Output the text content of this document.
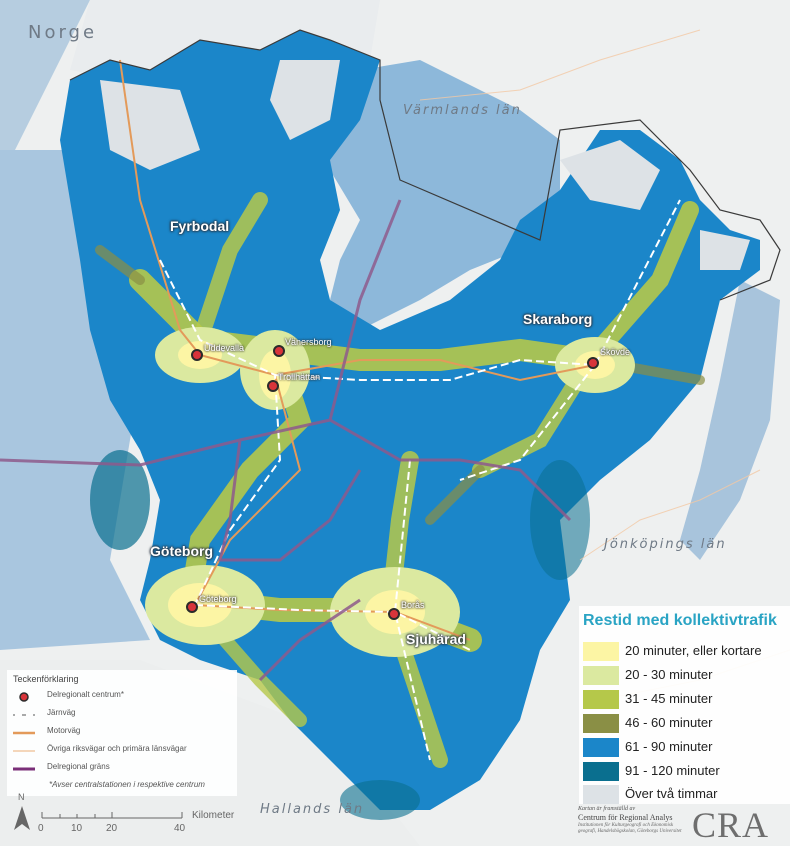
Norge
Värmlands län
Jönköpings län
Hallands län
Fyrbodal
Skaraborg
Göteborg
Sjuhärad
Uddevalla
Vänersborg
Trollhättan
Skövde
Göteborg
Borås
Restid med kollektivtrafik
20 minuter, eller kortare
20 - 30 minuter
31 - 45 minuter
46 - 60 minuter
61 - 90 minuter
91 - 120 minuter
Över två timmar
Teckenförklaring
Delregionalt centrum*
Järnväg
Motorväg
Övriga riksvägar och primära länsvägar
Delregional gräns
*Avser centralstationen i respektive centrum
N
0	10 20	40
Kilometer
Kartan är framställd av
Centrum för Regional Analys
Institutionen för Kulturgeografi och Ekonomisk
geografi, Handelshögskolan, Göteborgs Universitet CRA
